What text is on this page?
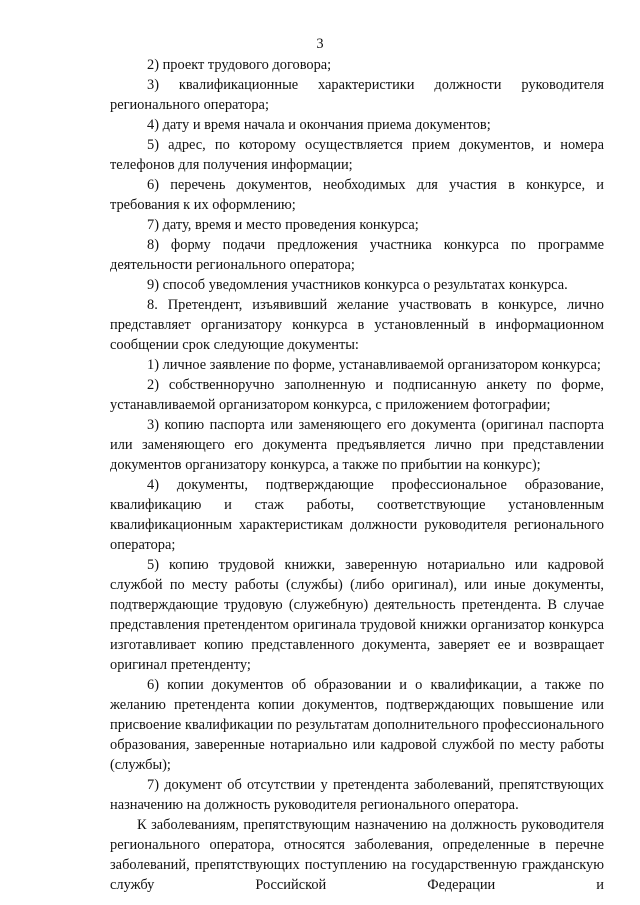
3

2) проект трудового договора;

3) квалификационные характеристики должности руководителя регионального оператора;

4) дату и время начала и окончания приема документов;

5) адрес, по которому осуществляется прием документов, и номера телефонов для получения информации;

6) перечень документов, необходимых для участия в конкурсе, и требования к их оформлению;

7) дату, время и место проведения конкурса;

8) форму подачи предложения участника конкурса по программе деятельности регионального оператора;

9) способ уведомления участников конкурса о результатах конкурса.

8. Претендент, изъявивший желание участвовать в конкурсе, лично представляет организатору конкурса в установленный в информационном сообщении срок следующие документы:

1) личное заявление по форме, устанавливаемой организатором конкурса;

2) собственноручно заполненную и подписанную анкету по форме, устанавливаемой организатором конкурса, с приложением фотографии;

3) копию паспорта или заменяющего его документа (оригинал паспорта или заменяющего его документа предъявляется лично при представлении документов организатору конкурса, а также по прибытии на конкурс);

4) документы, подтверждающие профессиональное образование, квалификацию и стаж работы, соответствующие установленным квалификационным характеристикам должности руководителя регионального оператора;

5) копию трудовой книжки, заверенную нотариально или кадровой службой по месту работы (службы) (либо оригинал), или иные документы, подтверждающие трудовую (служебную) деятельность претендента. В случае представления претендентом оригинала трудовой книжки организатор конкурса изготавливает копию представленного документа, заверяет ее и возвращает оригинал претенденту;

6) копии документов об образовании и о квалификации, а также по желанию претендента копии документов, подтверждающих повышение или присвоение квалификации по результатам дополнительного профессионального образования, заверенные нотариально или кадровой службой по месту работы (службы);

7) документ об отсутствии у претендента заболеваний, препятствующих назначению на должность руководителя регионального оператора.

К заболеваниям, препятствующим назначению на должность руководителя регионального оператора, относятся заболевания, определенные в перечне заболеваний, препятствующих поступлению на государственную гражданскую службу Российской Федерации и
